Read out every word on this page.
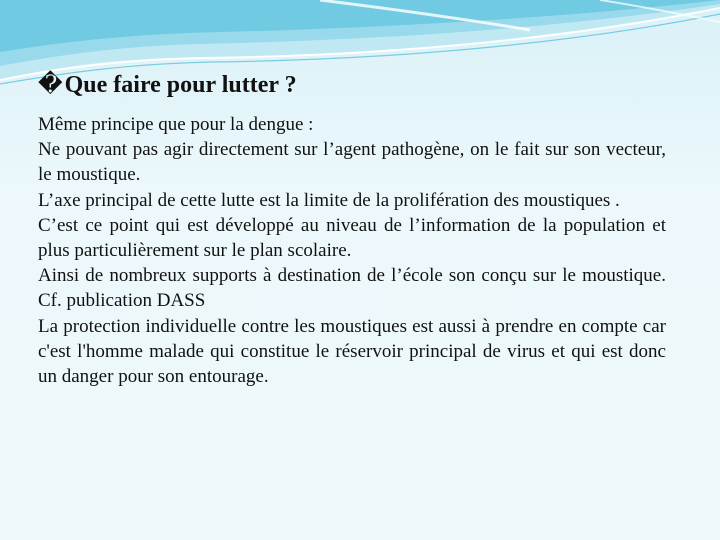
�Que faire pour lutter ?

Même principe que pour la dengue :

Ne pouvant pas agir directement sur l’agent pathogène, on le fait sur son vecteur, le moustique.

L’axe principal de cette lutte est la limite de la prolifération des moustiques .

C’est ce point qui est développé au niveau de l’information de la population et plus particulièrement sur le plan scolaire.

Ainsi de nombreux supports à destination de l’école son conçu sur le moustique. Cf. publication DASS

La protection individuelle contre les moustiques est aussi à prendre en compte car c'est l'homme malade qui constitue le réservoir principal de virus et qui est donc un danger pour son entourage.
